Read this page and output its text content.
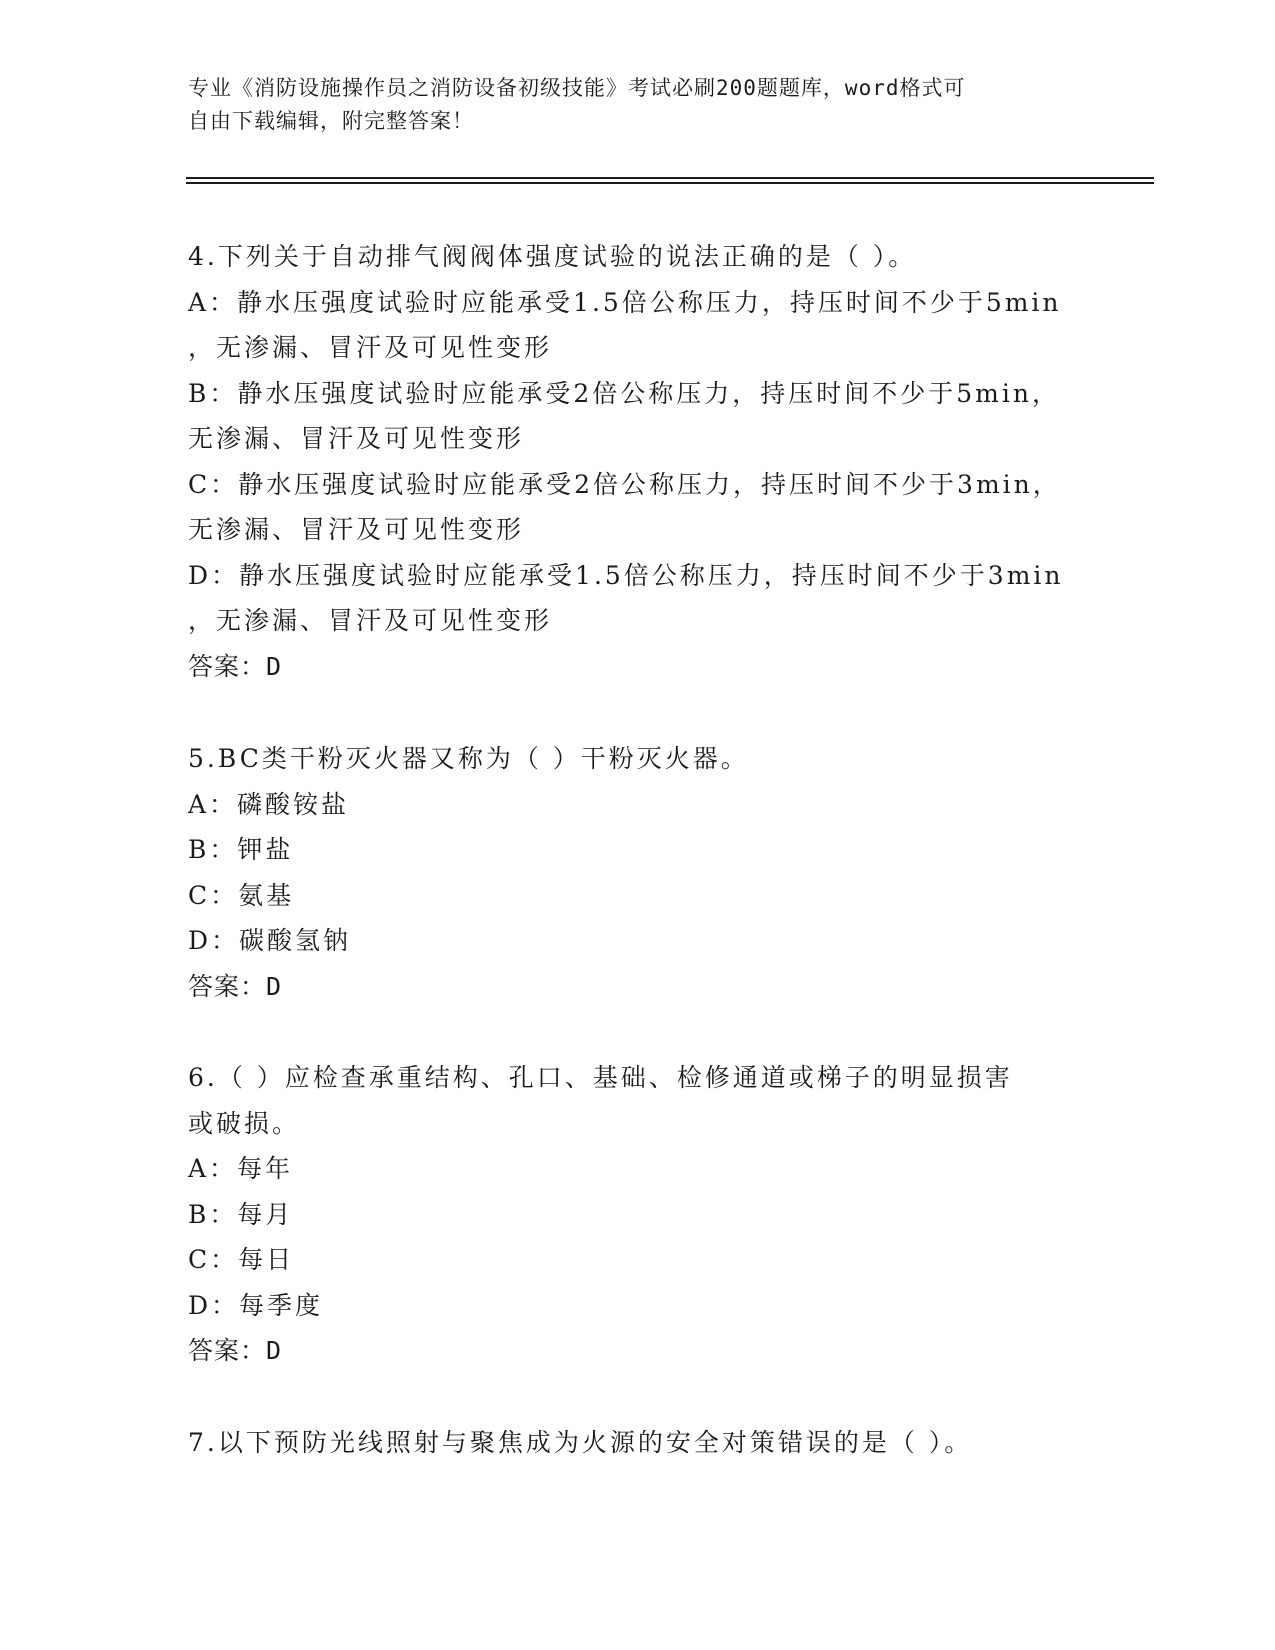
专业《消防设施操作员之消防设备初级技能》考试必刷200题题库，word格式可
自由下载编辑，附完整答案！
4.下列关于自动排气阀阀体强度试验的说法正确的是（ ）。
A：静水压强度试验时应能承受1.5倍公称压力，持压时间不少于5min
，无渗漏、冒汗及可见性变形
B：静水压强度试验时应能承受2倍公称压力，持压时间不少于5min，
无渗漏、冒汗及可见性变形
C：静水压强度试验时应能承受2倍公称压力，持压时间不少于3min，
无渗漏、冒汗及可见性变形
D：静水压强度试验时应能承受1.5倍公称压力，持压时间不少于3min
，无渗漏、冒汗及可见性变形
答案：D
5.BC类干粉灭火器又称为（ ）干粉灭火器。
A：磷酸铵盐
B：钾盐
C：氨基
D：碳酸氢钠
答案：D
6.（ ）应检查承重结构、孔口、基础、检修通道或梯子的明显损害
或破损。
A：每年
B：每月
C：每日
D：每季度
答案：D
7.以下预防光线照射与聚焦成为火源的安全对策错误的是（ ）。
